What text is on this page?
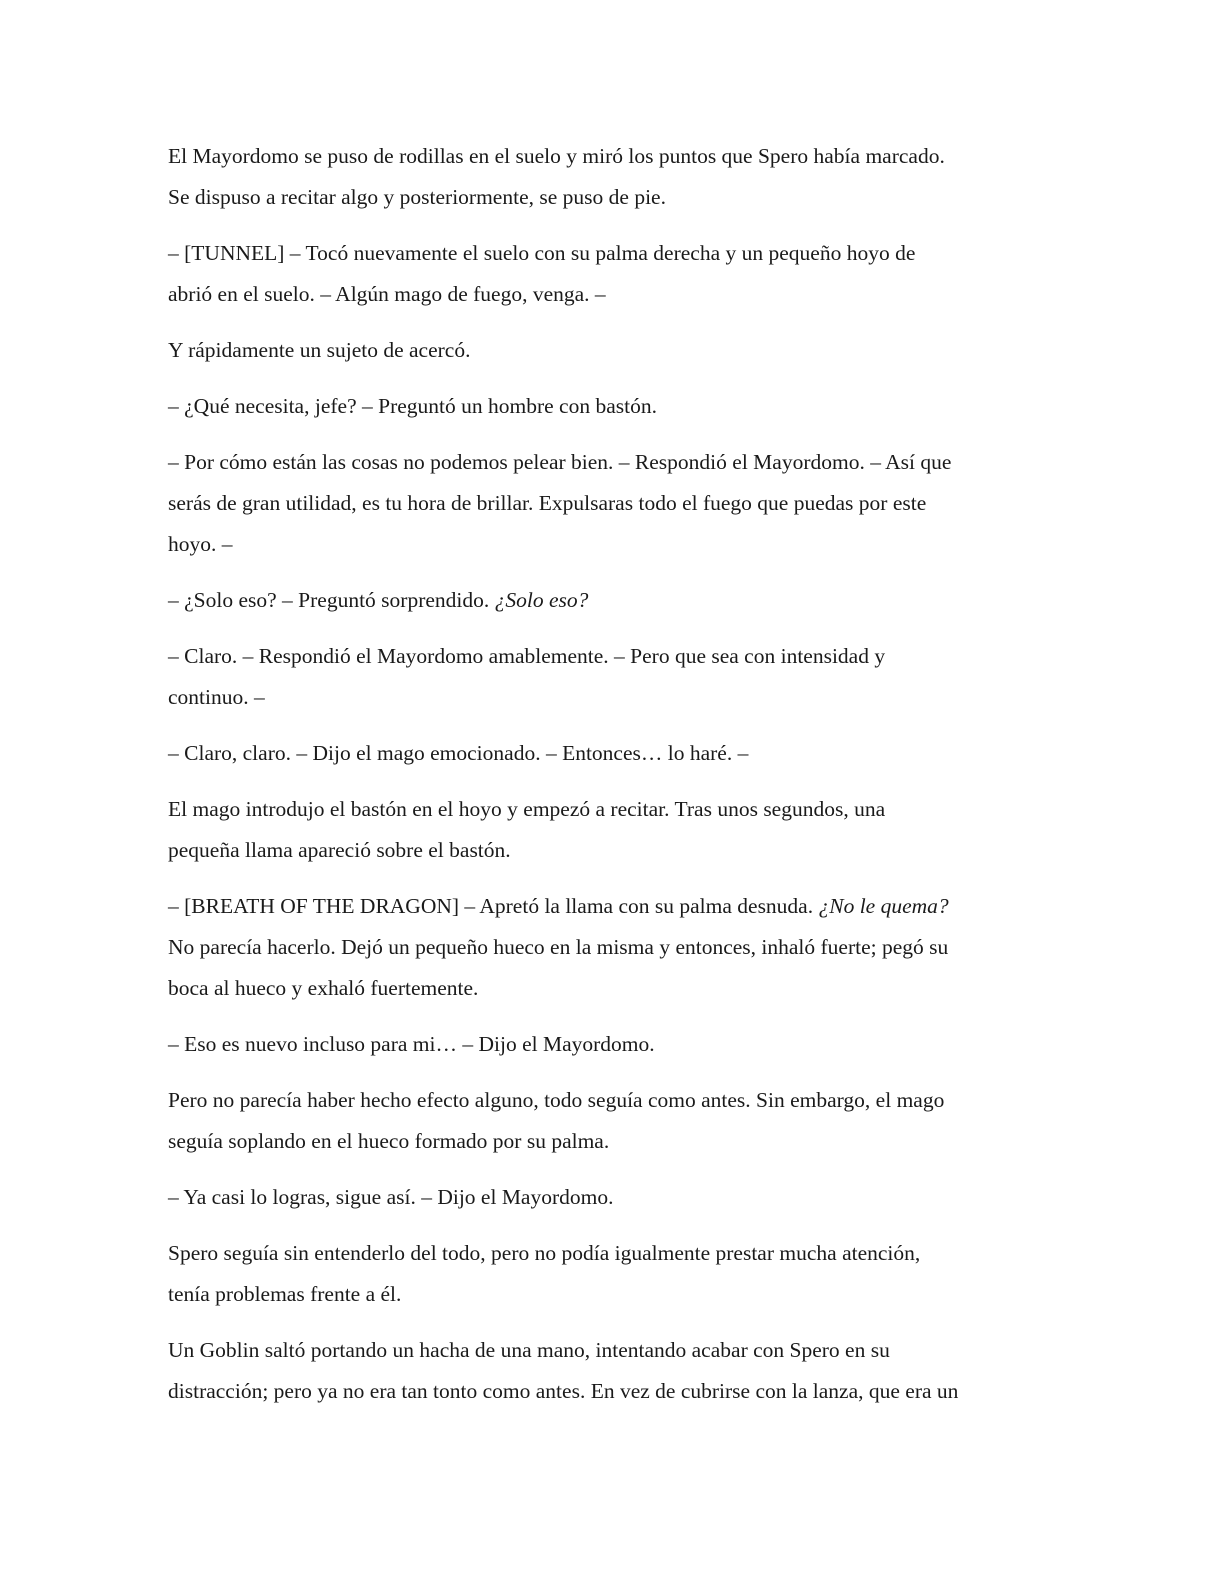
El Mayordomo se puso de rodillas en el suelo y miró los puntos que Spero había marcado.
Se dispuso a recitar algo y posteriormente, se puso de pie.

– [TUNNEL] – Tocó nuevamente el suelo con su palma derecha y un pequeño hoyo de
abrió en el suelo. – Algún mago de fuego, venga. –

Y rápidamente un sujeto de acercó.

– ¿Qué necesita, jefe? – Preguntó un hombre con bastón.

– Por cómo están las cosas no podemos pelear bien. – Respondió el Mayordomo. – Así que
serás de gran utilidad, es tu hora de brillar. Expulsaras todo el fuego que puedas por este
hoyo. –

– ¿Solo eso? – Preguntó sorprendido. ¿Solo eso?

– Claro. – Respondió el Mayordomo amablemente. – Pero que sea con intensidad y
continuo. –

– Claro, claro. – Dijo el mago emocionado. – Entonces… lo haré. –

El mago introdujo el bastón en el hoyo y empezó a recitar. Tras unos segundos, una
pequeña llama apareció sobre el bastón.

– [BREATH OF THE DRAGON] – Apretó la llama con su palma desnuda. ¿No le quema?
No parecía hacerlo. Dejó un pequeño hueco en la misma y entonces, inhaló fuerte; pegó su
boca al hueco y exhaló fuertemente.

– Eso es nuevo incluso para mi… – Dijo el Mayordomo.

Pero no parecía haber hecho efecto alguno, todo seguía como antes. Sin embargo, el mago
seguía soplando en el hueco formado por su palma.

– Ya casi lo logras, sigue así. – Dijo el Mayordomo.

Spero seguía sin entenderlo del todo, pero no podía igualmente prestar mucha atención,
tenía problemas frente a él.

Un Goblin saltó portando un hacha de una mano, intentando acabar con Spero en su
distracción; pero ya no era tan tonto como antes. En vez de cubrirse con la lanza, que era un
